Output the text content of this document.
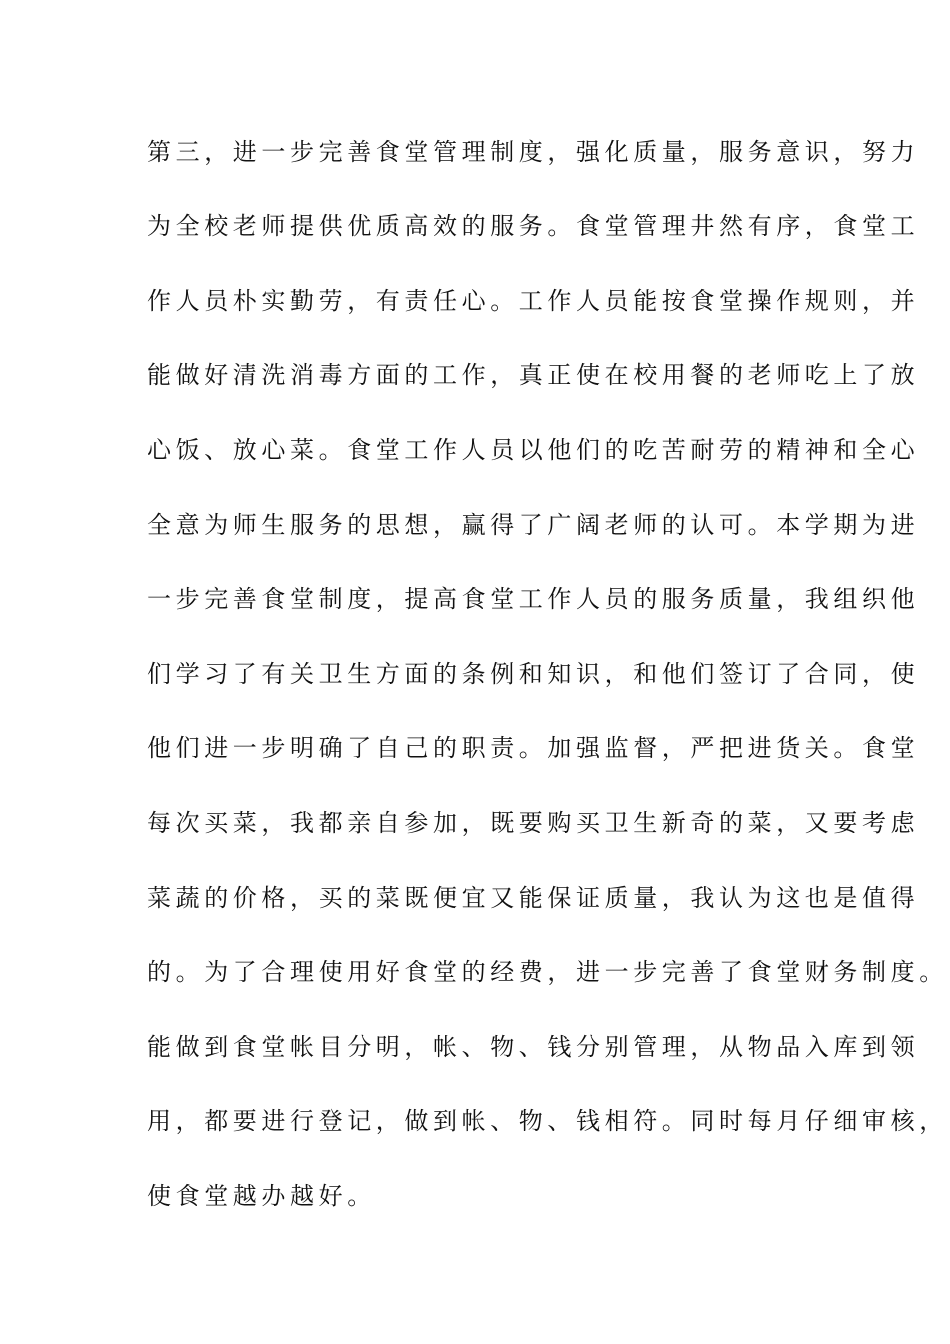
第三，进一步完善食堂管理制度，强化质量，服务意识，努力
为全校老师提供优质高效的服务。食堂管理井然有序，食堂工
作人员朴实勤劳，有责任心。工作人员能按食堂操作规则，并
能做好清洗消毒方面的工作，真正使在校用餐的老师吃上了放
心饭、放心菜。食堂工作人员以他们的吃苦耐劳的精神和全心
全意为师生服务的思想，赢得了广阔老师的认可。本学期为进
一步完善食堂制度，提高食堂工作人员的服务质量，我组织他
们学习了有关卫生方面的条例和知识，和他们签订了合同，使
他们进一步明确了自己的职责。加强监督，严把进货关。食堂
每次买菜，我都亲自参加，既要购买卫生新奇的菜，又要考虑
菜蔬的价格，买的菜既便宜又能保证质量，我认为这也是值得
的。为了合理使用好食堂的经费，进一步完善了食堂财务制度。
能做到食堂帐目分明，帐、物、钱分别管理，从物品入库到领
用，都要进行登记，做到帐、物、钱相符。同时每月仔细审核，
使食堂越办越好。
